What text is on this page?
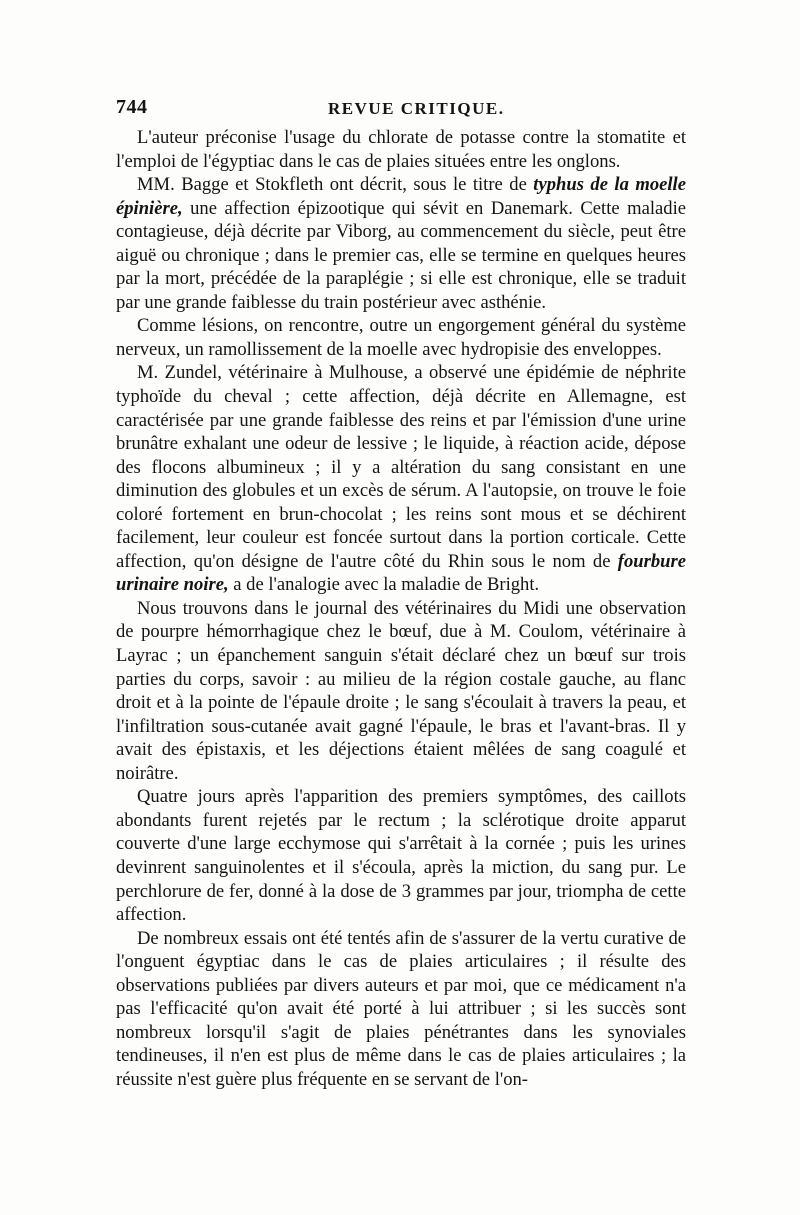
744	REVUE CRITIQUE.

L'auteur préconise l'usage du chlorate de potasse contre la stomatite et l'emploi de l'égyptiac dans le cas de plaies situées entre les onglons.

MM. Bagge et Stokfleth ont décrit, sous le titre de typhus de la moelle épinière, une affection épizootique qui sévit en Danemark. Cette maladie contagieuse, déjà décrite par Viborg, au commencement du siècle, peut être aiguë ou chronique ; dans le premier cas, elle se termine en quelques heures par la mort, précédée de la paraplégie ; si elle est chronique, elle se traduit par une grande faiblesse du train postérieur avec asthénie.

Comme lésions, on rencontre, outre un engorgement général du système nerveux, un ramollissement de la moelle avec hydropisie des enveloppes.

M. Zundel, vétérinaire à Mulhouse, a observé une épidémie de néphrite typhoïde du cheval ; cette affection, déjà décrite en Allemagne, est caractérisée par une grande faiblesse des reins et par l'émission d'une urine brunâtre exhalant une odeur de lessive ; le liquide, à réaction acide, dépose des flocons albumineux ; il y a altération du sang consistant en une diminution des globules et un excès de sérum. A l'autopsie, on trouve le foie coloré fortement en brun-chocolat ; les reins sont mous et se déchirent facilement, leur couleur est foncée surtout dans la portion corticale. Cette affection, qu'on désigne de l'autre côté du Rhin sous le nom de fourbure urinaire noire, a de l'analogie avec la maladie de Bright.

Nous trouvons dans le journal des vétérinaires du Midi une observation de pourpre hémorrhagique chez le bœuf, due à M. Coulom, vétérinaire à Layrac ; un épanchement sanguin s'était déclaré chez un bœuf sur trois parties du corps, savoir : au milieu de la région costale gauche, au flanc droit et à la pointe de l'épaule droite ; le sang s'écoulait à travers la peau, et l'infiltration sous-cutanée avait gagné l'épaule, le bras et l'avant-bras. Il y avait des épistaxis, et les déjections étaient mêlées de sang coagulé et noirâtre.

Quatre jours après l'apparition des premiers symptômes, des caillots abondants furent rejetés par le rectum ; la sclérotique droite apparut couverte d'une large ecchymose qui s'arrêtait à la cornée ; puis les urines devinrent sanguinolentes et il s'écoula, après la miction, du sang pur. Le perchlorure de fer, donné à la dose de 3 grammes par jour, triompha de cette affection.

De nombreux essais ont été tentés afin de s'assurer de la vertu curative de l'onguent égyptiac dans le cas de plaies articulaires ; il résulte des observations publiées par divers auteurs et par moi, que ce médicament n'a pas l'efficacité qu'on avait été porté à lui attribuer ; si les succès sont nombreux lorsqu'il s'agit de plaies pénétrantes dans les synoviales tendineuses, il n'en est plus de même dans le cas de plaies articulaires ; la réussite n'est guère plus fréquente en se servant de l'on-
